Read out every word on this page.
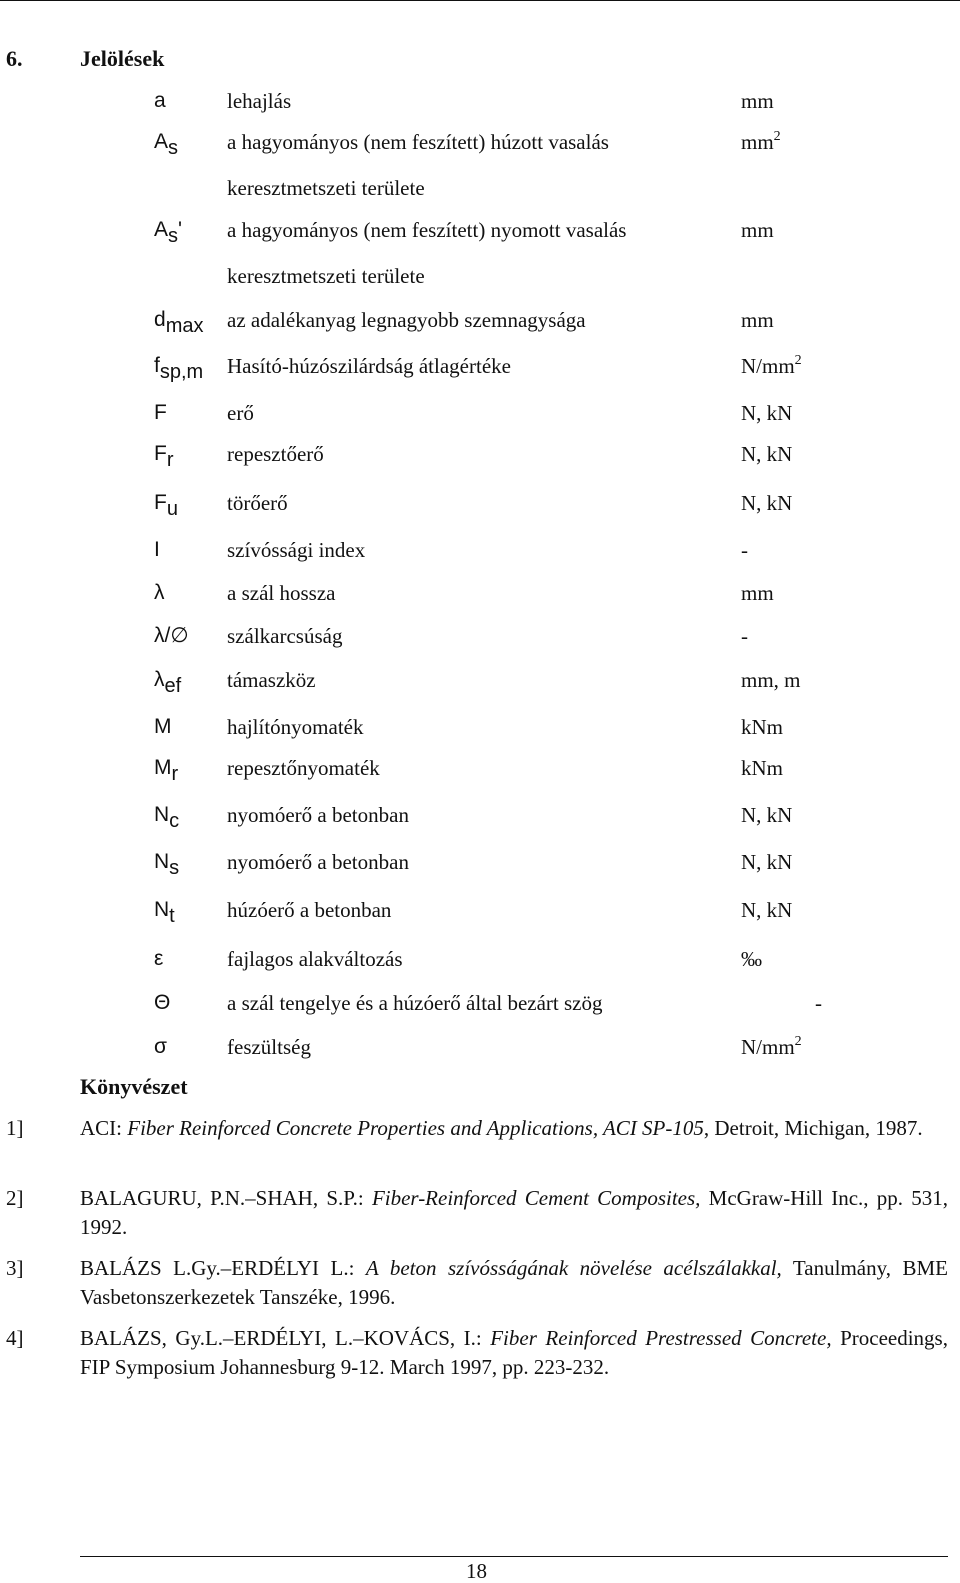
6.	Jelölések
a	lehajlás	mm
$A_s$ a hagyományos (nem feszített) húzott vasalás	$mm^2$
keresztmetszeti területe
$A_s'$ a hagyományos (nem feszített) nyomott vasalás	mm
keresztmetszeti területe
$d_{max}$ az adalékanyag legnagyobb szemnagysága	mm
$f_{sp,m}$ Hasító-húzószilárdság átlagértéke	$N/mm^2$
F	erő	N, kN
$F_r$	repesztőerő	N, kN
$F_u$ törőerő	N, kN
I	szívóssági index	-
λ	a szál hossza	mm
λ/∅ szálkarcsúság	-
$\lambda_{ef}$ támaszköz	mm, m
M	hajlítónyomaték	kNm
$M_r$ repesztőnyomaték	kNm
$N_c$ nyomóerő a betonban	N, kN
$N_s$ nyomóerő a betonban	N, kN
$N_t$ húzóerő a betonban	N, kN
ε	fajlagos alakváltozás	‰
Θ	a szál tengelye és a húzóerő által bezárt szög	-
σ	feszültség	$N/mm^2$
Könyvészet
1]	ACI: Fiber Reinforced Concrete Properties and Applications, ACI SP-105, Detroit, Michigan, 1987.
2]	BALAGURU, P.N.–SHAH, S.P.: Fiber-Reinforced Cement Composites, McGraw-Hill Inc., pp. 531, 1992.
3]	BALÁZS L.Gy.–ERDÉLYI L.: A beton szívósságának növelése acélszálakkal, Tanulmány, BME Vasbetonszerkezetek Tanszéke, 1996.
4]	BALÁZS, Gy.L.–ERDÉLYI, L.–KOVÁCS, I.: Fiber Reinforced Prestressed Concrete, Proceedings, FIP Symposium Johannesburg 9-12. March 1997, pp. 223-232.
18
